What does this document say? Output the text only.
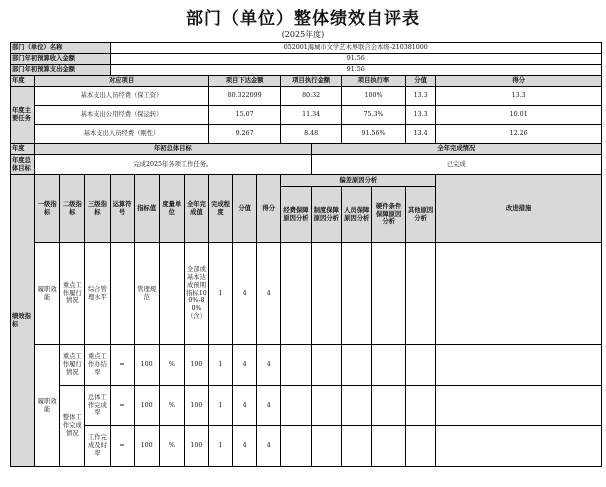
部门（单位）整体绩效自评表
(2025年度)
部门（单位）名称				052001海城市文学艺术界联合会本级-210381000												
部门年初预算收入金额				91.56												
部门年初预算支出金额				91.56												
年度	对应项目							项目下达金额			项目执行金额		项目执行率		分值	得分
年度主要任务	基本支出人员经费（保工资）							80.322099			80.32		100%		13.3	13.3
	基本支出公用经费（保运转）							15.07			11.34		75.3%		13.3	10.01
	基本支出人员经费（刚性）							9.267			8.48		91.56%		13.4	12.26
年度	年初总体目标											全年完成情况				
年度总体目标	完成2025年各项工作任务。											已完成				
绩效指标	一级指标	二级指标	三级指标	运算符号	指标值	度量单位	全年完成值	完成程度	分值	得分	偏差原因分析					改进措施
											经费保障原因分析	制度保障原因分析	人员保障原因分析	硬件条件保障原因分析	其他原因分析	
	履职效能	重点工作履行情况	综合管理水平		管理规范		全部或基本达成预期指标100%-80%（含）	1	4	4						
	履职效能	重点工作履行情况	重点工作办结率	=	100	%	100	1	4	4						
		整体工作完成情况	总体工作完成率	=	100	%	100	1	4	4						
			工作完成及时率	=	100	%	100	1	4	4						
